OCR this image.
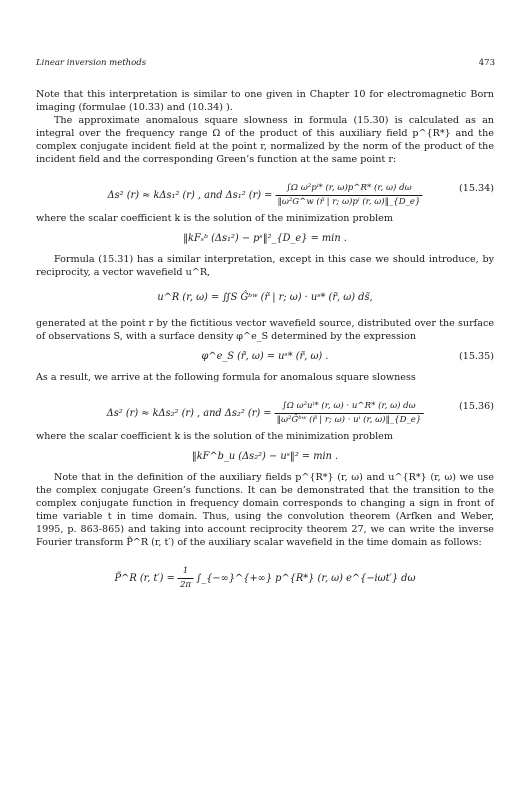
Linear inversion methods	473

Note that this interpretation is similar to one given in Chapter 10 for electromagnetic Born imaging (formulae (10.33) and (10.34) ).

The approximate anomalous square slowness in formula (15.30) is calculated as an integral over the frequency range Ω of the product of this auxiliary field p^{R*} and the complex conjugate incident field at the point r, normalized by the norm of the product of the incident field and the corresponding Green’s function at the same point r:

Δs² (r) ≈ kΔs₁² (r) , and Δs₁² $(r) = \frac{\text{∫Ω ω²pⁱ* (r, ω)p\textasciicircum{}R* (r, ω) dω}}{\text{‖ω²G\textasciicircum{}w (r̃ | r; ω)pⁱ (r, ω)‖\_\{D\_e\}}}$	(15.34)

where the scalar coefficient k is the solution of the minimization problem

‖kFₛᵇ (Δs₁²) − pˢ‖²_{D_e} = min .

Formula (15.31) has a similar interpretation, except in this case we should introduce, by reciprocity, a vector wavefield u^R,

u^R (r, ω) = ∬S Ĝᵇʷ (r̃ | r; ω) · uˢ* (r̃, ω) ds̃,

generated at the point r by the fictitious vector wavefield source, distributed over the surface of observations S, with a surface density φ^e_S determined by the expression

φ^e_S (r̃, ω) = uˢ* (r̃, ω) .	(15.35)

As a result, we arrive at the following formula for anomalous square slowness

Δs² (r) ≈ kΔs₂² (r) , and Δs₂² $(r) = \frac{\text{∫Ω ω²uⁱ* (r, ω) · u\textasciicircum{}R* (r, ω) dω}}{\text{‖ω²Ĝᵇʷ (r̃ | r; ω) · uⁱ (r, ω)‖\_\{D\_e\}}}$	(15.36)

where the scalar coefficient k is the solution of the minimization problem

‖kF^b_u (Δs₂²) − uˢ‖² = min .

Note that in the definition of the auxiliary fields p^{R*} (r, ω) and u^{R*} (r, ω) we use the complex conjugate Green’s functions. It can be demonstrated that the transition to the complex conjugate function in frequency domain corresponds to changing a sign in front of time variable t in time domain. Thus, using the convolution theorem (Arfken and Weber, 1995, p. 863-865) and taking into account reciprocity theorem 27, we can write the inverse Fourier transform P̃^R (r, t′) of the auxiliary scalar wavefield in the time domain as follows:

P̃^R (r, $t') = \frac{1}{2\pi}$ ∫_{−∞}^{+∞} p^{R*} (r, ω) e^{−iωt′} dω
